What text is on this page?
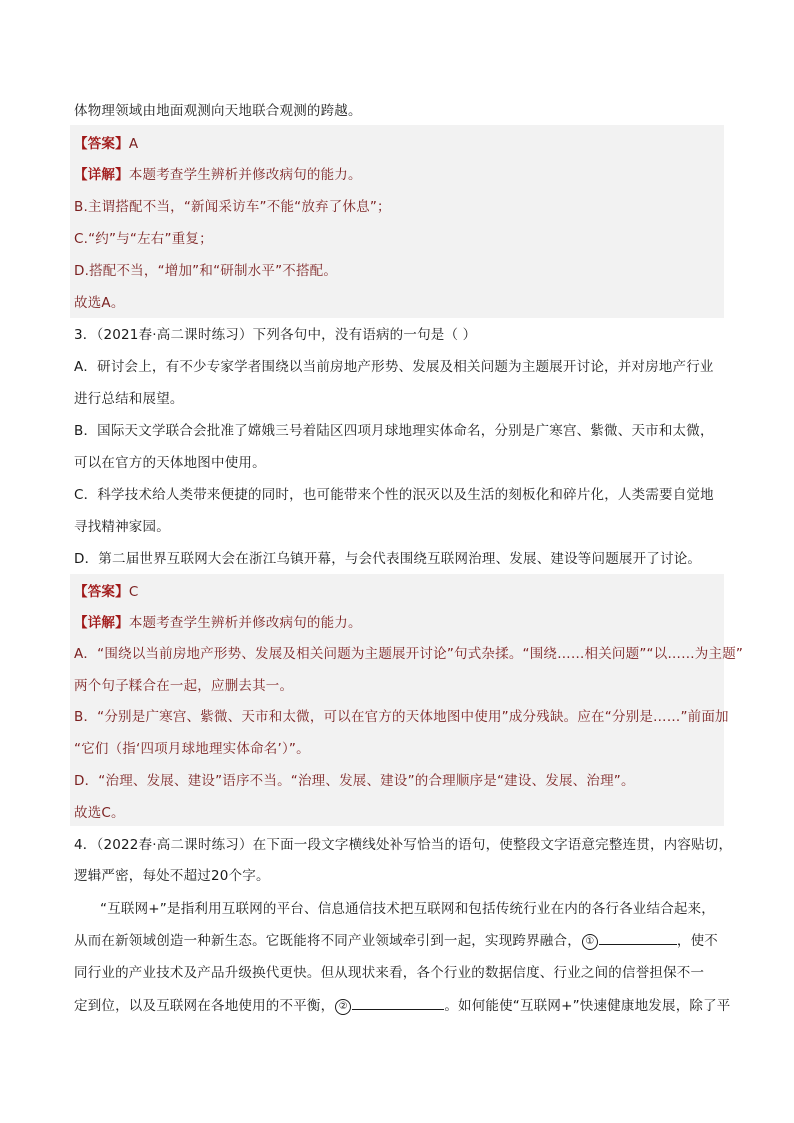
体物理领域由地面观测向天地联合观测的跨越。
【答案】A
【详解】本题考查学生辨析并修改病句的能力。
B.主谓搭配不当，“新闻采访车”不能“放弃了休息”；
C.“约”与“左右”重复；
D.搭配不当，“增加”和“研制水平”不搭配。
故选A。
3．（2021春·高二课时练习）下列各句中，没有语病的一句是（ ）
A．研讨会上，有不少专家学者围绕以当前房地产形势、发展及相关问题为主题展开讨论，并对房地产行业
进行总结和展望。
B．国际天文学联合会批准了嫦娥三号着陆区四项月球地理实体命名，分别是广寒宫、紫微、天市和太微，
可以在官方的天体地图中使用。
C．科学技术给人类带来便捷的同时，也可能带来个性的泯灭以及生活的刻板化和碎片化，人类需要自觉地
寻找精神家园。
D．第二届世界互联网大会在浙江乌镇开幕，与会代表围绕互联网治理、发展、建设等问题展开了讨论。
【答案】C
【详解】本题考查学生辨析并修改病句的能力。
A．“围绕以当前房地产形势、发展及相关问题为主题展开讨论”句式杂揉。“围绕……相关问题”“以……为主题”
两个句子糅合在一起，应删去其一。
B．“分别是广寒宫、紫微、天市和太微，可以在官方的天体地图中使用”成分残缺。应在“分别是……”前面加
“它们（指‘四项月球地理实体命名’）”。
D．“治理、发展、建设”语序不当。“治理、发展、建设”的合理顺序是“建设、发展、治理”。
故选C。
4．（2022春·高二课时练习）在下面一段文字横线处补写恰当的语句，使整段文字语意完整连贯，内容贴切，
逻辑严密，每处不超过20个字。
“互联网+”是指利用互联网的平台、信息通信技术把互联网和包括传统行业在内的各行各业结合起来，
从而在新领域创造一种新生态。它既能将不同产业领域牵引到一起，实现跨界融合， ①	，使不
同行业的产业技术及产品升级换代更快。但从现状来看，各个行业的数据信度、行业之间的信誉担保不一
定到位，以及互联网在各地使用的不平衡， ②	。如何能使“互联网+”快速健康地发展，除了平
